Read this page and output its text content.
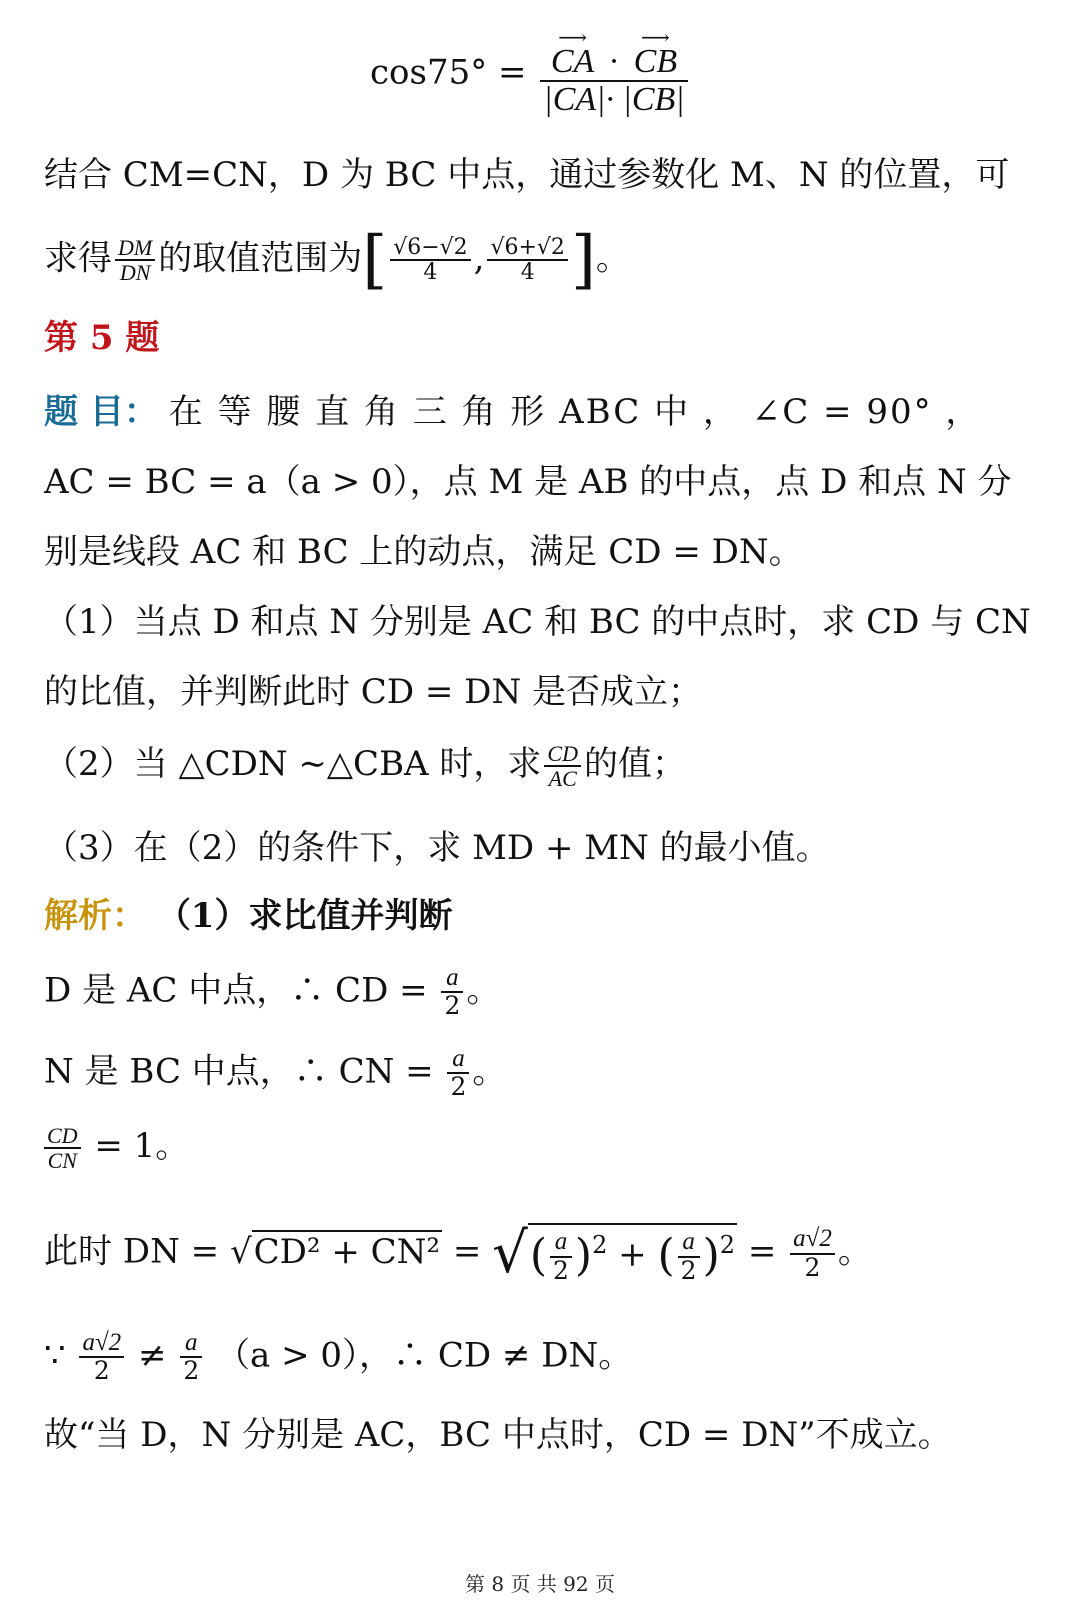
cos75° = ⟶
CA ·
⟶
CB
|CA|· |CB|
结合 CM=CN，D 为 BC 中点，通过参数化 M、N 的位置，可
求得 $\frac{DM}{DN}$ 的取值范围为[ $\frac{√6-√2}{4}$ , $\frac{√6+√2}{4}$ ]。
第 5 题
题 目： 在 等 腰 直 角 三 角 形 ABC 中 ， ∠C = 90° ，
AC = BC = a（a > 0），点 M 是 AB 的中点，点 D 和点 N 分
别是线段 AC 和 BC 上的动点，满足 CD = DN。
（1）当点 D 和点 N 分别是 AC 和 BC 的中点时，求 CD 与 CN
的比值，并判断此时 CD = DN 是否成立；
（2）当 △CDN ∼△CBA 时，求 $\frac{CD}{AC}$ 的值；
（3）在（2）的条件下，求 MD + MN 的最小值。
解析： （1）求比值并判断
D 是 AC 中点，∴ CD = $\frac{a}{2}$ 。
N 是 BC 中点，∴ CN = $\frac{a}{2}$ 。
$\frac{CD}{CN} = 1$。
此时 DN = √CD² + CN² = √( $\frac{a}{2} )^2$ + ( $\frac{a}{2} )^2 = \frac{a√2}{2}$ 。
∵ $\frac{a√2}{2} \ne \frac{a}{2} (a > 0)$，∴ CD ≠ DN。
故“当 D，N 分别是 AC，BC 中点时，CD = DN”不成立。
第 8 页 共 92 页
